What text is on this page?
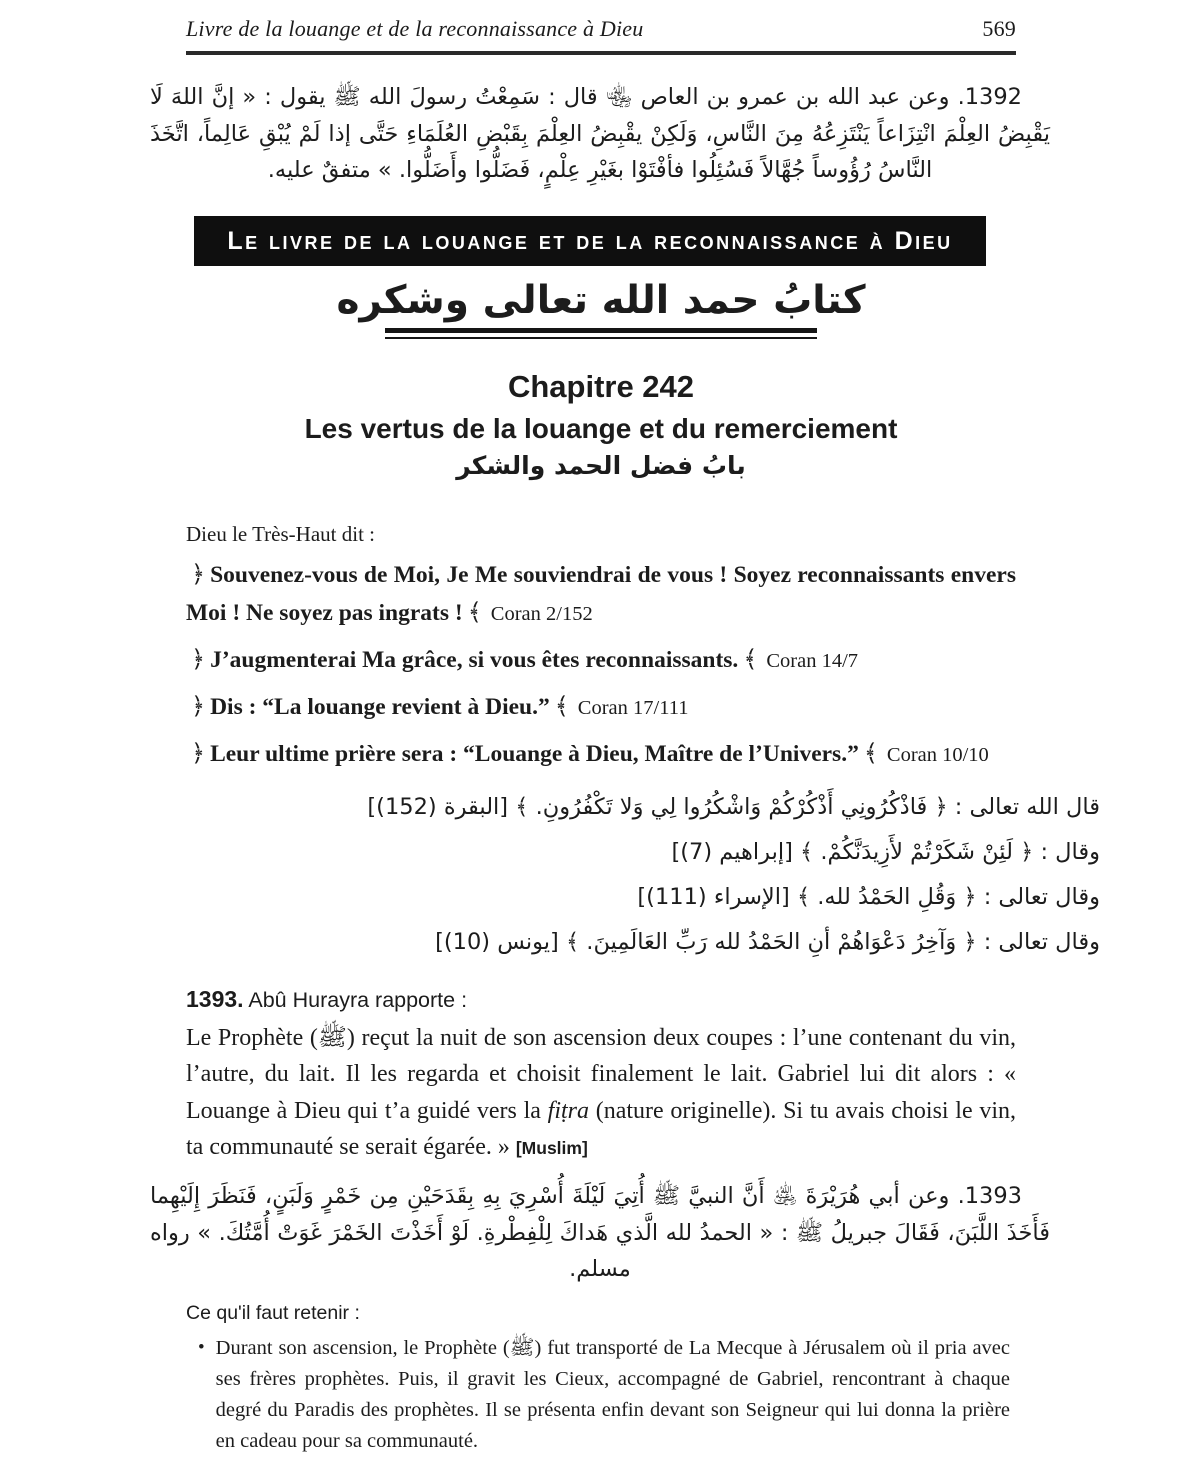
Livre de la louange et de la reconnaissance à Dieu	569

1392. وعن عبد الله بن عمرو بن العاص ﵄ قال : سَمِعْتُ رسولَ الله ﷺ يقول : « إنَّ اللهَ لَا يَقْبِضُ العِلْمَ انْتِزَاعاً يَنْتَزِعُهُ مِنَ النَّاسِ، وَلَكِنْ يقْبِضُ العِلْمَ بِقَبْضِ العُلَمَاءِ حَتَّى إذا لَمْ يُبْقِ عَالِماً، اتَّخَذَ النَّاسُ رُؤُوساً جُهَّالاً فَسُئِلُوا فأفْتَوْا بغَيْرِ عِلْمٍ، فَضَلُّوا وأَضَلُّوا. » متفقٌ عليه.

Le livre de la louange et de la reconnaissance à Dieu
كتابُ حمد الله تعالى وشكره
Chapitre 242
Les vertus de la louange et du remerciement
بابُ فضل الحمد والشكر

Dieu le Très-Haut dit :

﴿ Souvenez-vous de Moi, Je Me souviendrai de vous ! Soyez reconnaissants envers Moi ! Ne soyez pas ingrats ! ﴾ Coran 2/152

﴿ J’augmenterai Ma grâce, si vous êtes reconnaissants. ﴾ Coran 14/7

﴿ Dis : “La louange revient à Dieu.” ﴾ Coran 17/111

﴿ Leur ultime prière sera : “Louange à Dieu, Maître de l’Univers.” ﴾ Coran 10/10

قال الله تعالى : ﴿ فَاذْكُرُونِي أَذْكُرْكُمْ وَاشْكُرُوا لِي وَلا تَكْفُرُونِ. ﴾ [البقرة (152)]

وقال : ﴿ لَئِنْ شَكَرْتُمْ لأَزِيدَنَّكُمْ. ﴾ [إبراهيم (7)]

وقال تعالى : ﴿ وَقُلِ الحَمْدُ لله. ﴾ [الإسراء (111)]

وقال تعالى : ﴿ وَآخِرُ دَعْوَاهُمْ أنِ الحَمْدُ لله رَبِّ العَالَمِينَ. ﴾ [يونس (10)]

1393. Abû Hurayra rapporte :

Le Prophète (ﷺ) reçut la nuit de son ascension deux coupes : l’une contenant du vin, l’autre, du lait. Il les regarda et choisit finalement le lait. Gabriel lui dit alors : « Louange à Dieu qui t’a guidé vers la fiṭra (nature originelle). Si tu avais choisi le vin, ta communauté se serait égarée. » [Muslim]

1393. وعن أبي هُرَيْرَةَ ﵁ أَنَّ النبيَّ ﷺ أُتِيَ لَيْلَةَ أُسْرِيَ بِهِ بِقَدَحَيْنِ مِن خَمْرٍ وَلَبَنٍ، فَنَظَرَ إِلَيْهِما فَأَخَذَ اللَّبَنَ، فَقَالَ جبريلُ ﷺ : « الحمدُ لله الَّذي هَداكَ لِلْفِطْرةِ. لَوْ أَخَذْتَ الخَمْرَ غَوَتْ أُمَّتُكَ. » رواه مسلم.

Ce qu'il faut retenir :

• Durant son ascension, le Prophète (ﷺ) fut transporté de La Mecque à Jérusalem où il pria avec ses frères prophètes. Puis, il gravit les Cieux, accompagné de Gabriel, rencontrant à chaque degré du Paradis des prophètes. Il se présenta enfin devant son Seigneur qui lui donna la prière en cadeau pour sa communauté.
